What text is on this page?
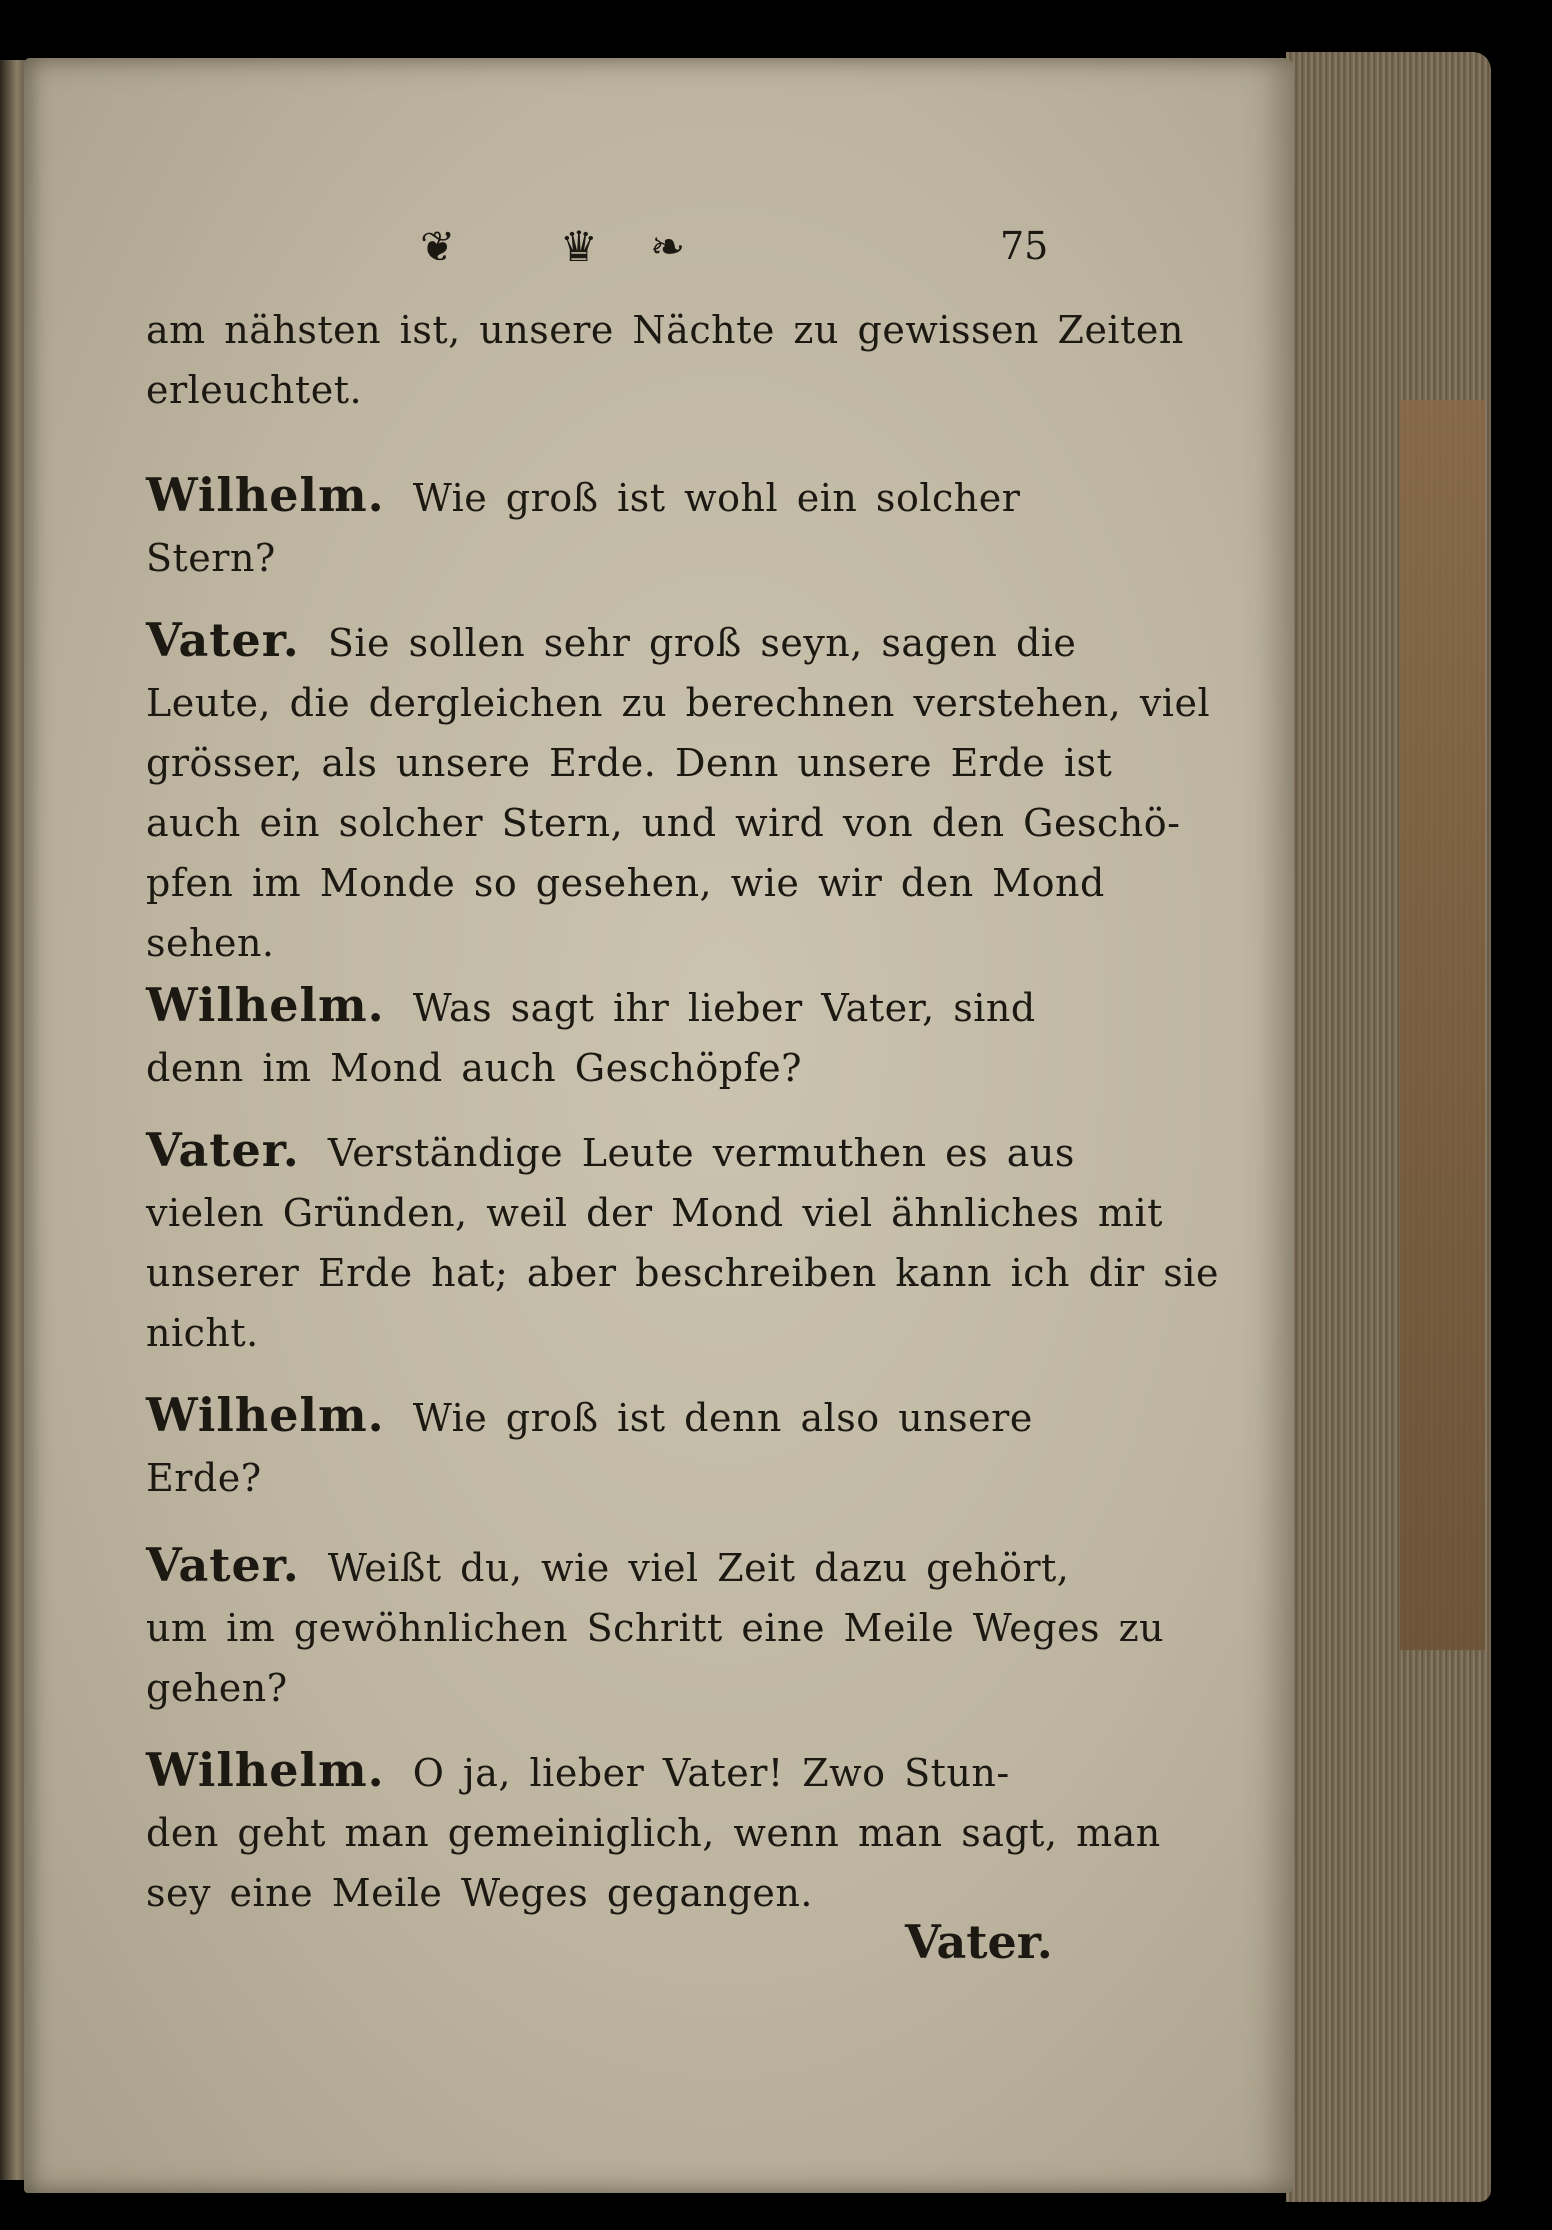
❦ ♛ ❧	75
am nähsten ist, unsere Nächte zu gewissen Zeiten
erleuchtet.
Wilhelm. Wie groß ist wohl ein solcher
Stern?
Vater. Sie sollen sehr groß seyn, sagen die
Leute, die dergleichen zu berechnen verstehen, viel
grösser, als unsere Erde. Denn unsere Erde ist
auch ein solcher Stern, und wird von den Geschö-
pfen im Monde so gesehen, wie wir den Mond
sehen.
Wilhelm. Was sagt ihr lieber Vater, sind
denn im Mond auch Geschöpfe?
Vater. Verständige Leute vermuthen es aus
vielen Gründen, weil der Mond viel ähnliches mit
unserer Erde hat; aber beschreiben kann ich dir sie
nicht.
Wilhelm. Wie groß ist denn also unsere
Erde?
Vater. Weißt du, wie viel Zeit dazu gehört,
um im gewöhnlichen Schritt eine Meile Weges zu
gehen?
Wilhelm. O ja, lieber Vater! Zwo Stun-
den geht man gemeiniglich, wenn man sagt, man
sey eine Meile Weges gegangen.
Vater.
